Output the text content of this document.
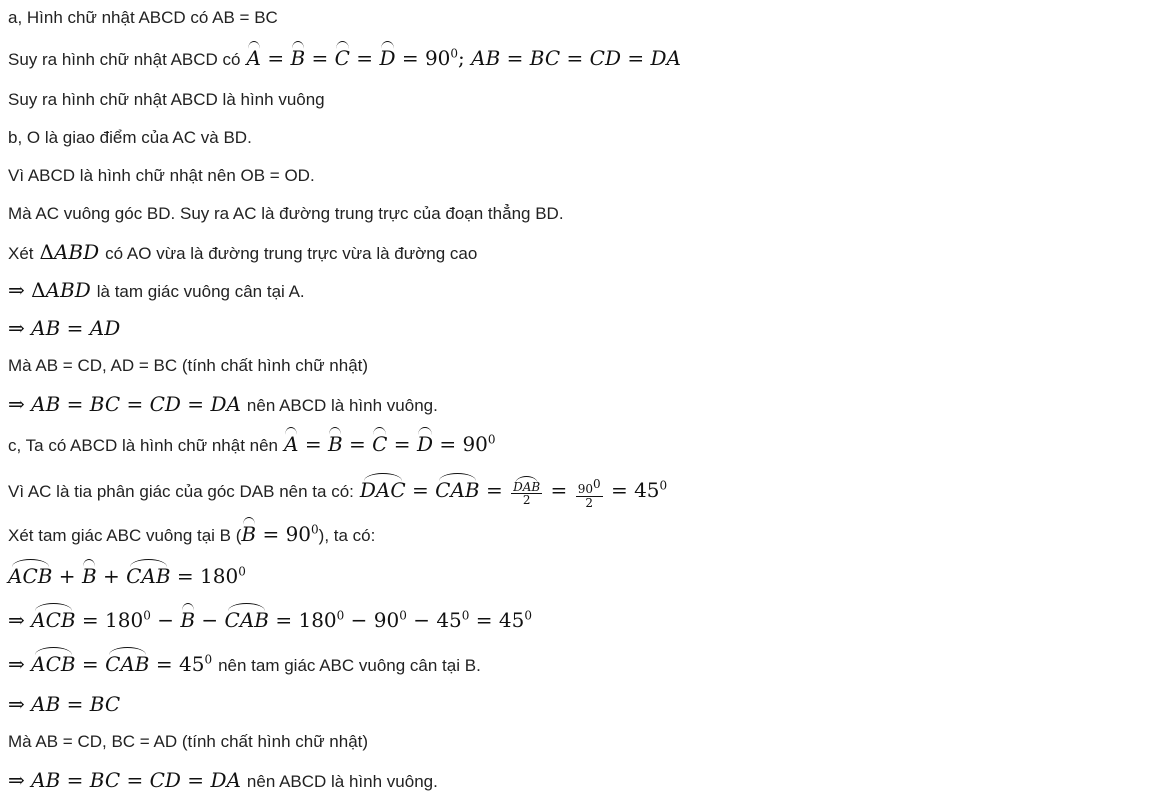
a, Hình chữ nhật ABCD có AB = BC
Suy ra hình chữ nhật ABCD có $A = B = C = D = 90^0$; AB = BC = CD = DA
Suy ra hình chữ nhật ABCD là hình vuông
b, O là giao điểm của AC và BD.
Vì ABCD là hình chữ nhật nên OB = OD.
Mà AC vuông góc BD. Suy ra AC là đường trung trực của đoạn thẳng BD.
Xét ΔABD có AO vừa là đường trung trực vừa là đường cao
⇒ ΔABD là tam giác vuông cân tại A.
⇒ AB = AD
Mà AB = CD, AD = BC (tính chất hình chữ nhật)
⇒ AB = BC = CD = DA nên ABCD là hình vuông.
c, Ta có ABCD là hình chữ nhật nên $A = B = C = D = 90^0$
Vì AC là tia phân giác của góc DAB nên ta có: DAC = CAB = $\frac{\text{DAB}}{2} = \frac{90^0}{2} = 45^0$
Xét tam giác ABC vuông tại B ( $B = 90^0$ ), ta có:
ACB + B + CAB = $180^0$
⇒ ACB = $180^0 - B$ − CAB = $180^0 - 90^0 - 45^0 = 45^0$
⇒ ACB = CAB = $45^0$ nên tam giác ABC vuông cân tại B.
⇒ AB = BC
Mà AB = CD, BC = AD (tính chất hình chữ nhật)
⇒ AB = BC = CD = DA nên ABCD là hình vuông.
